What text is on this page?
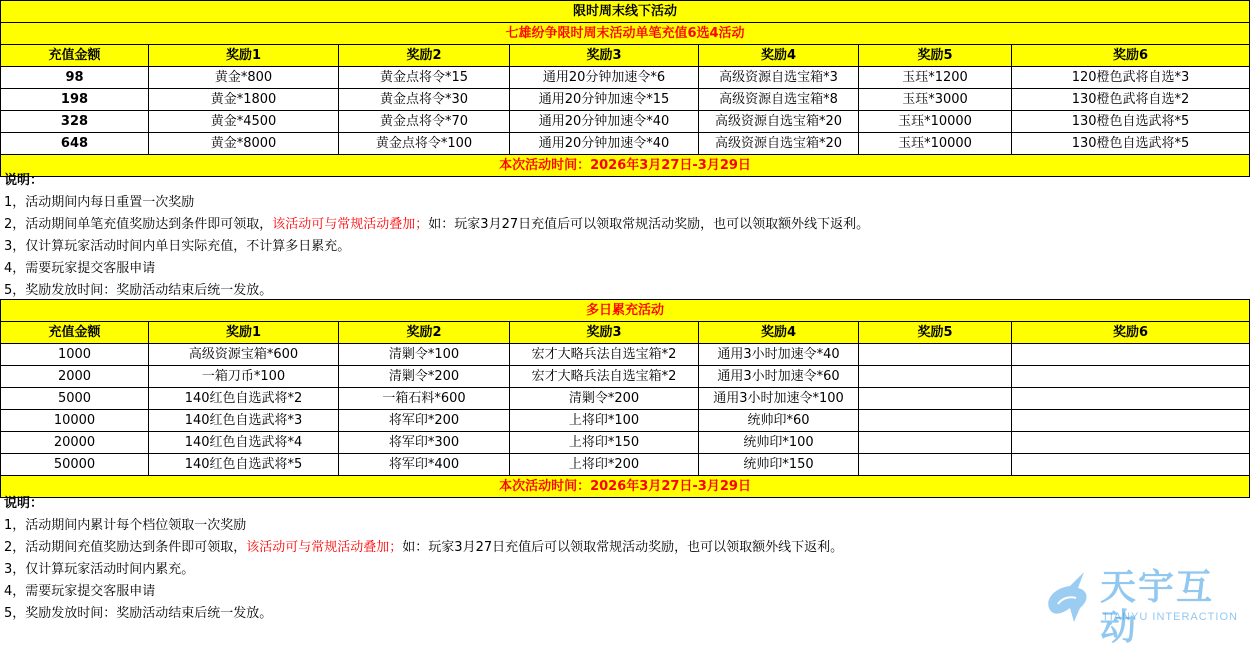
限时周末线下活动						
七雄纷争限时周末活动单笔充值6选4活动						
充值金额	奖励1	奖励2	奖励3	奖励4	奖励5	奖励6
98	黄金*800	黄金点将令*15	通用20分钟加速令*6	高级资源自选宝箱*3	玉珏*1200	120橙色武将自选*3
198	黄金*1800	黄金点将令*30	通用20分钟加速令*15	高级资源自选宝箱*8	玉珏*3000	130橙色武将自选*2
328	黄金*4500	黄金点将令*70	通用20分钟加速令*40	高级资源自选宝箱*20	玉珏*10000	130橙色自选武将*5
648	黄金*8000	黄金点将令*100	通用20分钟加速令*40	高级资源自选宝箱*20	玉珏*10000	130橙色自选武将*5
本次活动时间：2026年3月27日-3月29日						
说明：
1，活动期间内每日重置一次奖励
2，活动期间单笔充值奖励达到条件即可领取，该活动可与常规活动叠加；如：玩家3月27日充值后可以领取常规活动奖励，也可以领取额外线下返利。
3，仅计算玩家活动时间内单日实际充值，不计算多日累充。
4，需要玩家提交客服申请
5，奖励发放时间：奖励活动结束后统一发放。
多日累充活动						
充值金额	奖励1	奖励2	奖励3	奖励4	奖励5	奖励6
1000	高级资源宝箱*600	清剿令*100	宏才大略兵法自选宝箱*2	通用3小时加速令*40		
2000	一箱刀币*100	清剿令*200	宏才大略兵法自选宝箱*2	通用3小时加速令*60		
5000	140红色自选武将*2	一箱石料*600	清剿令*200	通用3小时加速令*100		
10000	140红色自选武将*3	将军印*200	上将印*100	统帅印*60		
20000	140红色自选武将*4	将军印*300	上将印*150	统帅印*100		
50000	140红色自选武将*5	将军印*400	上将印*200	统帅印*150		
本次活动时间：2026年3月27日-3月29日						
说明：
1，活动期间内累计每个档位领取一次奖励
2，活动期间充值奖励达到条件即可领取，该活动可与常规活动叠加；如：玩家3月27日充值后可以领取常规活动奖励，也可以领取额外线下返利。
3，仅计算玩家活动时间内累充。
4，需要玩家提交客服申请
5，奖励发放时间：奖励活动结束后统一发放。
天宇互动
TIANYU INTERACTION
